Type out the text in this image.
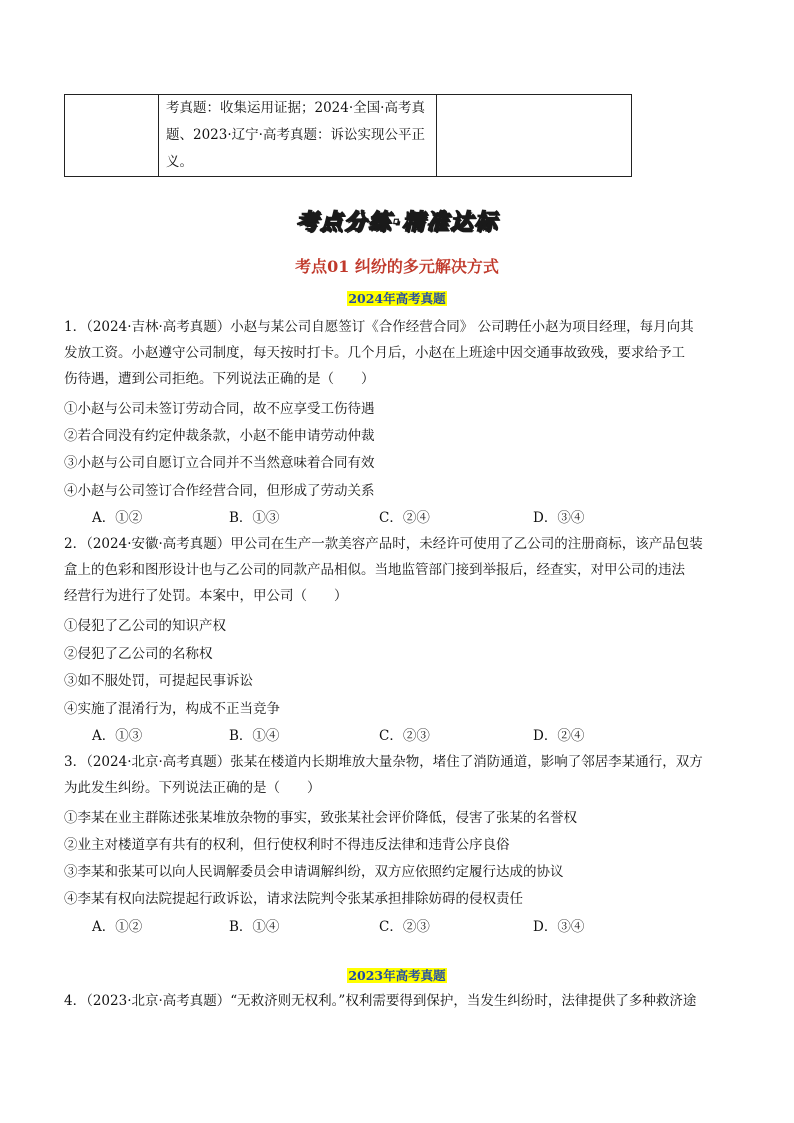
考真题：收集运用证据；2024·全国·高考真
题、2023·辽宁·高考真题：诉讼实现公平正
义。

考点分练·精准达标
考点01 纠纷的多元解决方式
2024年高考真题
1．（2024·吉林·高考真题）小赵与某公司自愿签订《合作经营合同》 公司聘任小赵为项目经理，每月向其
发放工资。小赵遵守公司制度，每天按时打卡。几个月后，小赵在上班途中因交通事故致残，要求给予工
伤待遇，遭到公司拒绝。下列说法正确的是（　　）
①小赵与公司未签订劳动合同，故不应享受工伤待遇
②若合同没有约定仲裁条款，小赵不能申请劳动仲裁
③小赵与公司自愿订立合同并不当然意味着合同有效
④小赵与公司签订合作经营合同，但形成了劳动关系
A．①②	B．①③	C．②④	D．③④
2．（2024·安徽·高考真题）甲公司在生产一款美容产品时，未经许可使用了乙公司的注册商标，该产品包装
盒上的色彩和图形设计也与乙公司的同款产品相似。当地监管部门接到举报后，经查实，对甲公司的违法
经营行为进行了处罚。本案中，甲公司（　　）
①侵犯了乙公司的知识产权
②侵犯了乙公司的名称权
③如不服处罚，可提起民事诉讼
④实施了混淆行为，构成不正当竞争
A．①③	B．①④	C．②③	D．②④
3．（2024·北京·高考真题）张某在楼道内长期堆放大量杂物，堵住了消防通道，影响了邻居李某通行，双方
为此发生纠纷。下列说法正确的是（　　）
①李某在业主群陈述张某堆放杂物的事实，致张某社会评价降低，侵害了张某的名誉权
②业主对楼道享有共有的权利，但行使权利时不得违反法律和违背公序良俗
③李某和张某可以向人民调解委员会申请调解纠纷，双方应依照约定履行达成的协议
④李某有权向法院提起行政诉讼，请求法院判令张某承担排除妨碍的侵权责任
A．①②	B．①④	C．②③	D．③④
2023年高考真题
4．（2023·北京·高考真题）“无救济则无权利。”权利需要得到保护，当发生纠纷时，法律提供了多种救济途
